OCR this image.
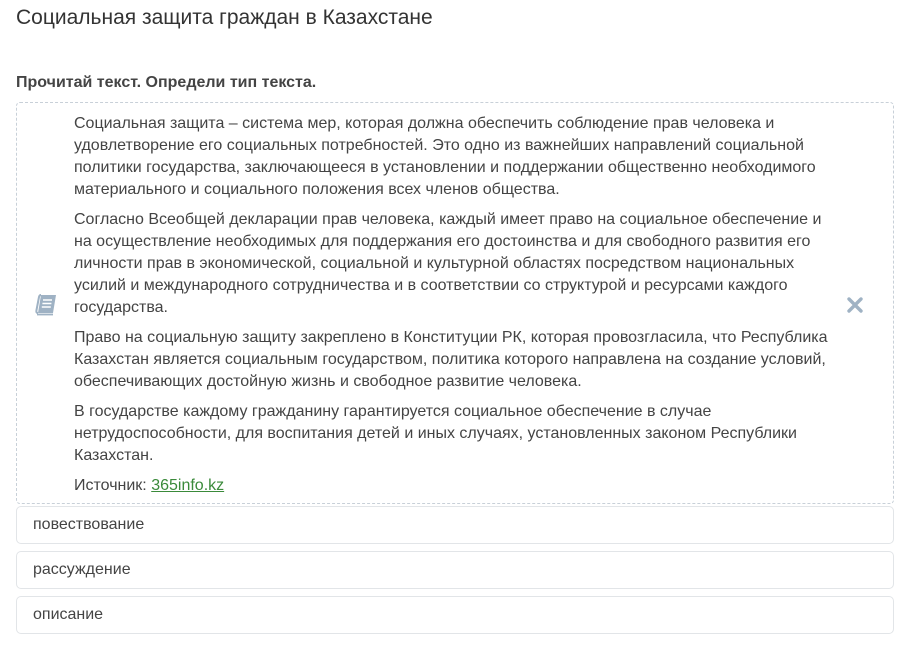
Социальная защита граждан в Казахстане
Прочитай текст. Определи тип текста.

Социальная защита – система мер, которая должна обеспечить соблюдение прав человека и удовлетворение его социальных потребностей. Это одно из важнейших направлений социальной политики государства, заключающееся в установлении и поддержании общественно необходимого материального и социального положения всех членов общества.

Согласно Всеобщей декларации прав человека, каждый имеет право на социальное обеспечение и на осуществление необходимых для поддержания его достоинства и для свободного развития его личности прав в экономической, социальной и культурной областях посредством национальных усилий и международного сотрудничества и в соответствии со структурой и ресурсами каждого государства.

Право на социальную защиту закреплено в Конституции РК, которая провозгласила, что Республика Казахстан является социальным государством, политика которого направлена на создание условий, обеспечивающих достойную жизнь и свободное развитие человека.

В государстве каждому гражданину гарантируется социальное обеспечение в случае нетрудоспособности, для воспитания детей и иных случаях, установленных законом Республики Казахстан.

Источник: 365info.kz
повествование
рассуждение
описание
